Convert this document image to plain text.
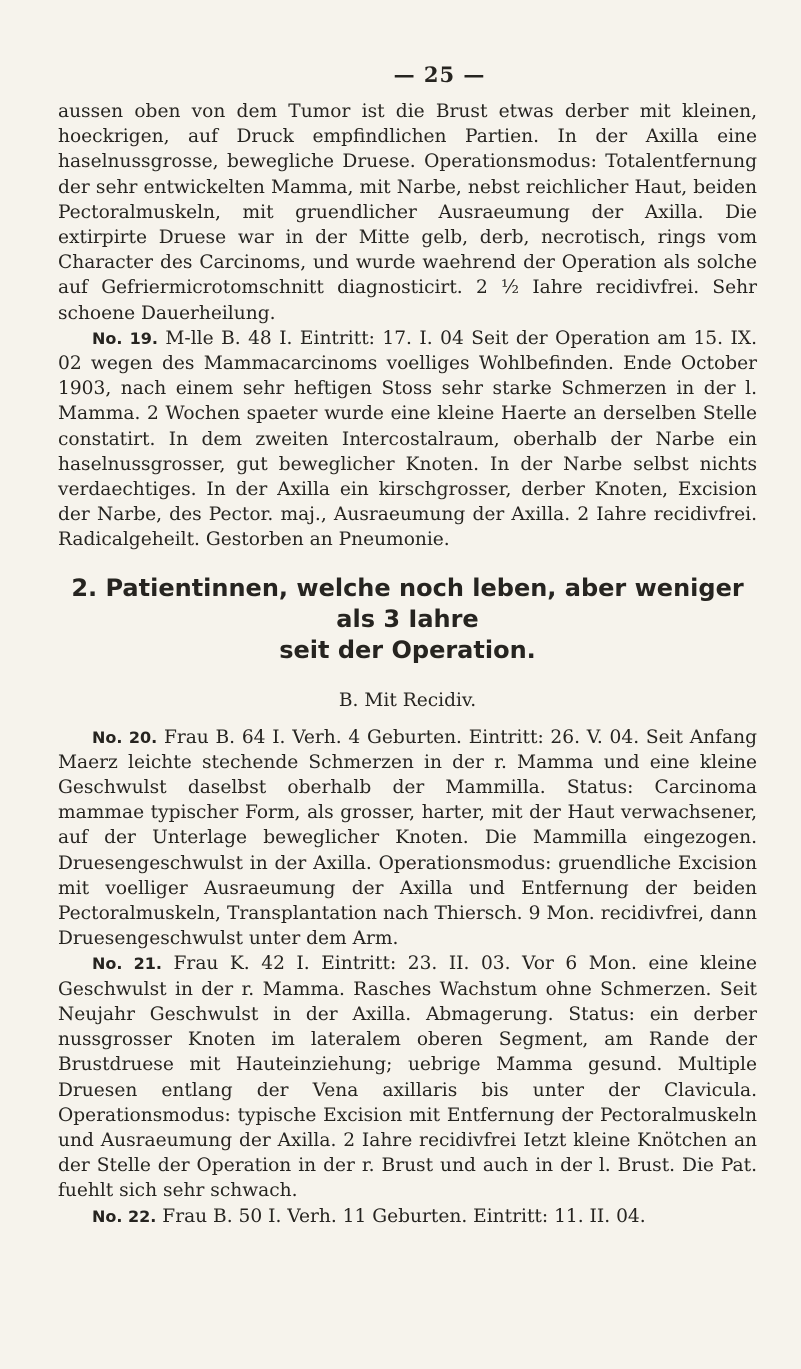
— 25 —

aussen oben von dem Tumor ist die Brust etwas derber mit kleinen, hoeckrigen, auf Druck empfindlichen Partien. In der Axilla eine haselnussgrosse, bewegliche Druese. Operationsmodus: Totalentfernung der sehr entwickelten Mamma, mit Narbe, nebst reichlicher Haut, beiden Pectoralmuskeln, mit gruendlicher Ausraeumung der Axilla. Die extirpirte Druese war in der Mitte gelb, derb, necrotisch, rings vom Character des Carcinoms, und wurde waehrend der Operation als solche auf Gefriermicrotomschnitt diagnosticirt. 2 ½ Iahre recidivfrei. Sehr schoene Dauerheilung.

No. 19. M-lle B. 48 I. Eintritt: 17. I. 04 Seit der Operation am 15. IX. 02 wegen des Mammacarcinoms voelliges Wohlbefinden. Ende October 1903, nach einem sehr heftigen Stoss sehr starke Schmerzen in der l. Mamma. 2 Wochen spaeter wurde eine kleine Haerte an derselben Stelle constatirt. In dem zweiten Intercostalraum, oberhalb der Narbe ein haselnussgrosser, gut beweglicher Knoten. In der Narbe selbst nichts verdaechtiges. In der Axilla ein kirschgrosser, derber Knoten, Excision der Narbe, des Pector. maj., Ausraeumung der Axilla. 2 Iahre recidivfrei. Radicalgeheilt. Gestorben an Pneumonie.

2. Patientinnen, welche noch leben, aber weniger als 3 Iahre
seit der Operation.
B. Mit Recidiv.

No. 20. Frau B. 64 I. Verh. 4 Geburten. Eintritt: 26. V. 04. Seit Anfang Maerz leichte stechende Schmerzen in der r. Mamma und eine kleine Geschwulst daselbst oberhalb der Mammilla. Status: Carcinoma mammae typischer Form, als grosser, harter, mit der Haut verwachsener, auf der Unterlage beweglicher Knoten. Die Mammilla eingezogen. Druesengeschwulst in der Axilla. Operationsmodus: gruendliche Excision mit voelliger Ausraeumung der Axilla und Entfernung der beiden Pectoralmuskeln, Transplantation nach Thiersch. 9 Mon. recidivfrei, dann Druesengeschwulst unter dem Arm.

No. 21. Frau K. 42 I. Eintritt: 23. II. 03. Vor 6 Mon. eine kleine Geschwulst in der r. Mamma. Rasches Wachstum ohne Schmerzen. Seit Neujahr Geschwulst in der Axilla. Abmagerung. Status: ein derber nussgrosser Knoten im lateralem oberen Segment, am Rande der Brustdruese mit Hauteinziehung; uebrige Mamma gesund. Multiple Druesen entlang der Vena axillaris bis unter der Clavicula. Operationsmodus: typische Excision mit Entfernung der Pectoralmuskeln und Ausraeumung der Axilla. 2 Iahre recidivfrei Ietzt kleine Knötchen an der Stelle der Operation in der r. Brust und auch in der l. Brust. Die Pat. fuehlt sich sehr schwach.

No. 22. Frau B. 50 I. Verh. 11 Geburten. Eintritt: 11. II. 04.
